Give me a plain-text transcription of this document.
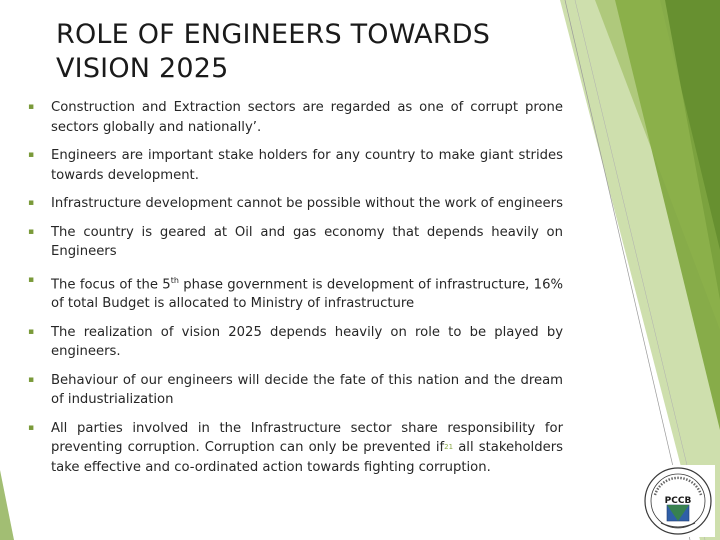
ROLE OF ENGINEERS TOWARDS
VISION 2025
▪ Construction and Extraction sectors are regarded as one of corrupt prone sectors globally and nationally’.
▪ Engineers are important stake holders for any country to make giant strides towards development.
▪ Infrastructure development cannot be possible without the work of engineers
▪ The country is geared at Oil and gas economy that depends heavily on Engineers
▪ The focus of the 5th phase government is development of infrastructure, 16% of total Budget is allocated to Ministry of infrastructure
▪ The realization of vision 2025 depends heavily on role to be played by engineers.
▪ Behaviour of our engineers will decide the fate of this nation and the dream of industrialization
▪ All parties involved in the Infrastructure sector share responsibility for preventing corruption. Corruption can only be prevented if21 all stakeholders take effective and co-ordinated action towards fighting corruption.
PCCB
